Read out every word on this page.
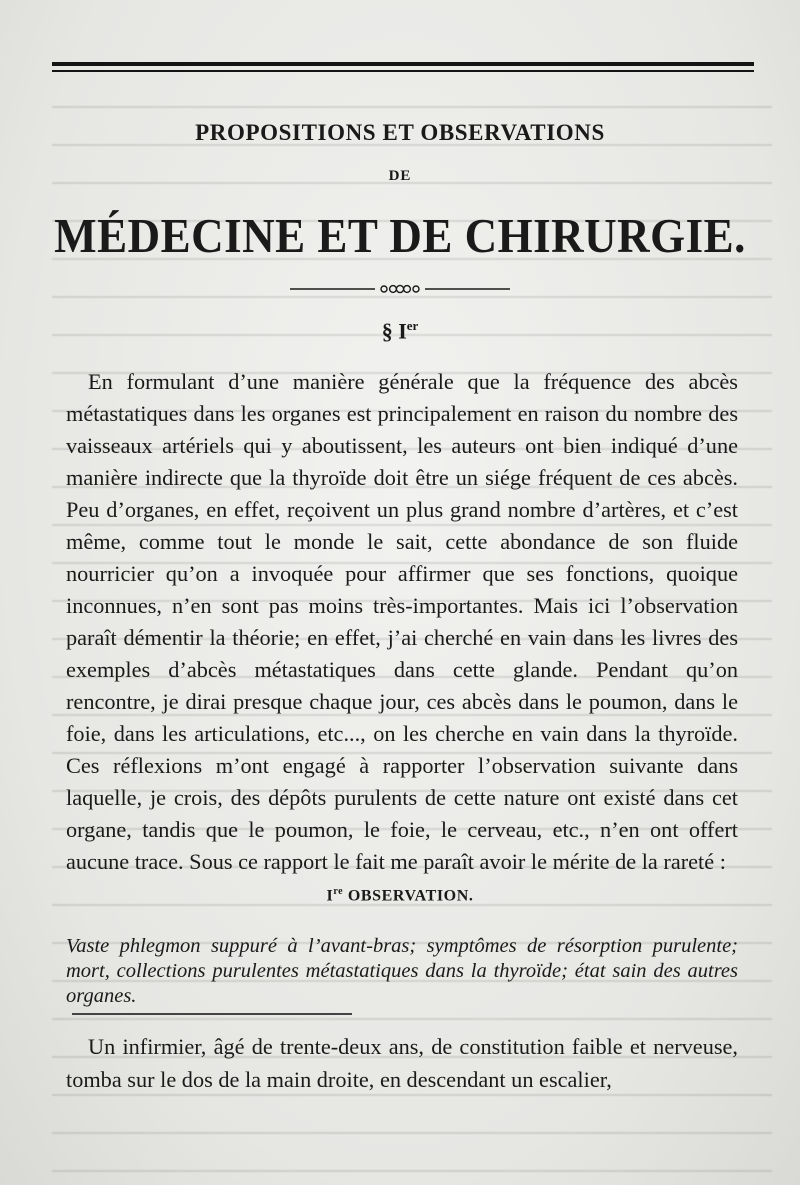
PROPOSITIONS ET OBSERVATIONS
DE
MÉDECINE ET DE CHIRURGIE.
§ Ier

En formulant d’une manière générale que la fréquence des abcès métastatiques dans les organes est principalement en raison du nombre des vaisseaux artériels qui y aboutissent, les auteurs ont bien indiqué d’une manière indirecte que la thyroïde doit être un siége fréquent de ces abcès. Peu d’organes, en effet, reçoivent un plus grand nombre d’artères, et c’est même, comme tout le monde le sait, cette abondance de son fluide nourricier qu’on a invoquée pour affirmer que ses fonctions, quoique inconnues, n’en sont pas moins très-importantes. Mais ici l’observation paraît démentir la théorie; en effet, j’ai cherché en vain dans les livres des exemples d’abcès métastatiques dans cette glande. Pendant qu’on rencontre, je dirai presque chaque jour, ces abcès dans le poumon, dans le foie, dans les articulations, etc..., on les cherche en vain dans la thyroïde. Ces réflexions m’ont engagé à rapporter l’observation suivante dans laquelle, je crois, des dépôts purulents de cette nature ont existé dans cet organe, tandis que le poumon, le foie, le cerveau, etc., n’en ont offert aucune trace. Sous ce rapport le fait me paraît avoir le mérite de la rareté :

Ire OBSERVATION.
Vaste phlegmon suppuré à l’avant-bras; symptômes de résorption purulente; mort, collections purulentes métastatiques dans la thyroïde; état sain des autres organes.

Un infirmier, âgé de trente-deux ans, de constitution faible et nerveuse, tomba sur le dos de la main droite, en descendant un escalier,
